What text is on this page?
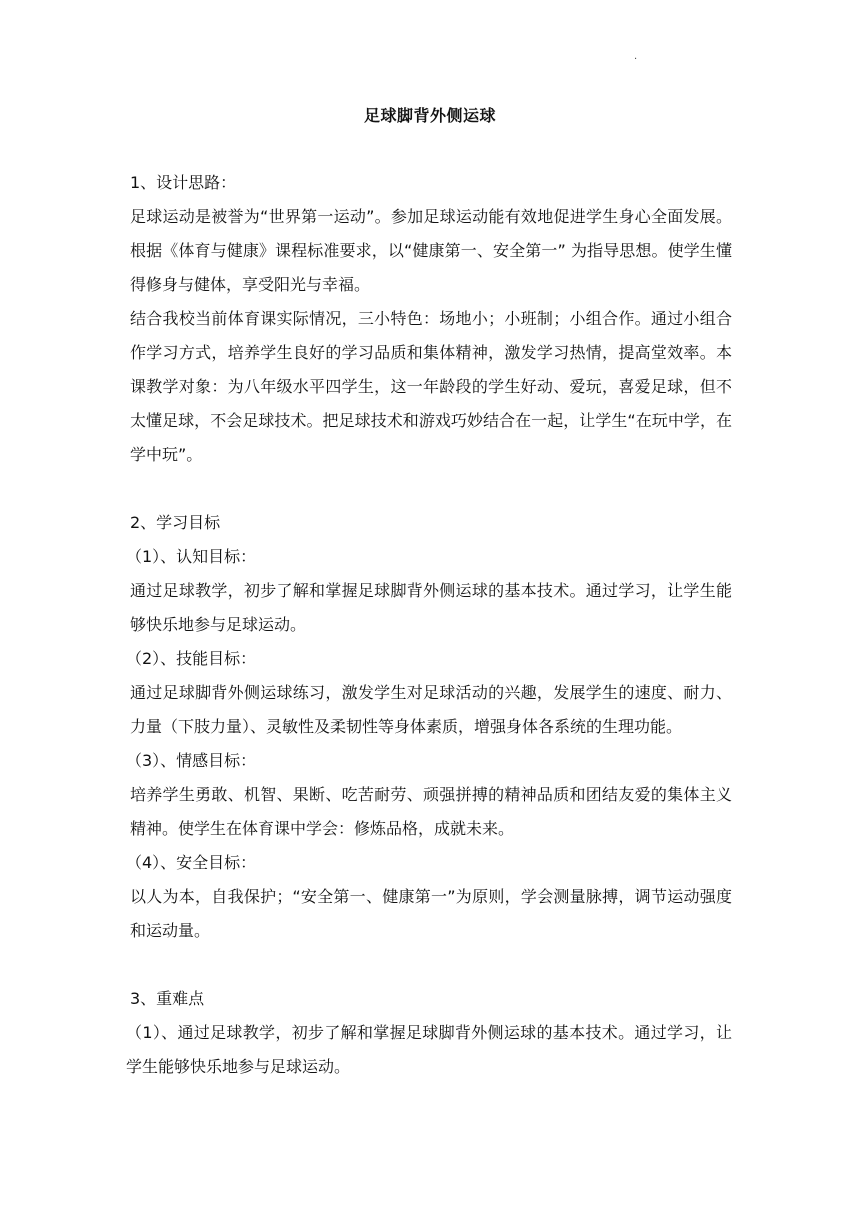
.
足球脚背外侧运球

1、设计思路：

足球运动是被誉为“世界第一运动”。参加足球运动能有效地促进学生身心全面发展。根据《体育与健康》课程标准要求，以“健康第一、安全第一” 为指导思想。使学生懂得修身与健体，享受阳光与幸福。

结合我校当前体育课实际情况，三小特色：场地小；小班制；小组合作。通过小组合作学习方式，培养学生良好的学习品质和集体精神，激发学习热情，提高堂效率。本课教学对象：为八年级水平四学生，这一年龄段的学生好动、爱玩，喜爱足球，但不太懂足球，不会足球技术。把足球技术和游戏巧妙结合在一起，让学生“在玩中学，在学中玩”。

2、学习目标

（1）、认知目标：

通过足球教学，初步了解和掌握足球脚背外侧运球的基本技术。通过学习，让学生能够快乐地参与足球运动。

（2）、技能目标：

通过足球脚背外侧运球练习，激发学生对足球活动的兴趣，发展学生的速度、耐力、力量（下肢力量）、灵敏性及柔韧性等身体素质，增强身体各系统的生理功能。

（3）、情感目标：

培养学生勇敢、机智、果断、吃苦耐劳、顽强拼搏的精神品质和团结友爱的集体主义精神。使学生在体育课中学会：修炼品格，成就未来。

（4）、安全目标：

以人为本，自我保护；“安全第一、健康第一”为原则，学会测量脉搏，调节运动强度和运动量。

3、重难点

（1）、通过足球教学，初步了解和掌握足球脚背外侧运球的基本技术。通过学习，让学生能够快乐地参与足球运动。
